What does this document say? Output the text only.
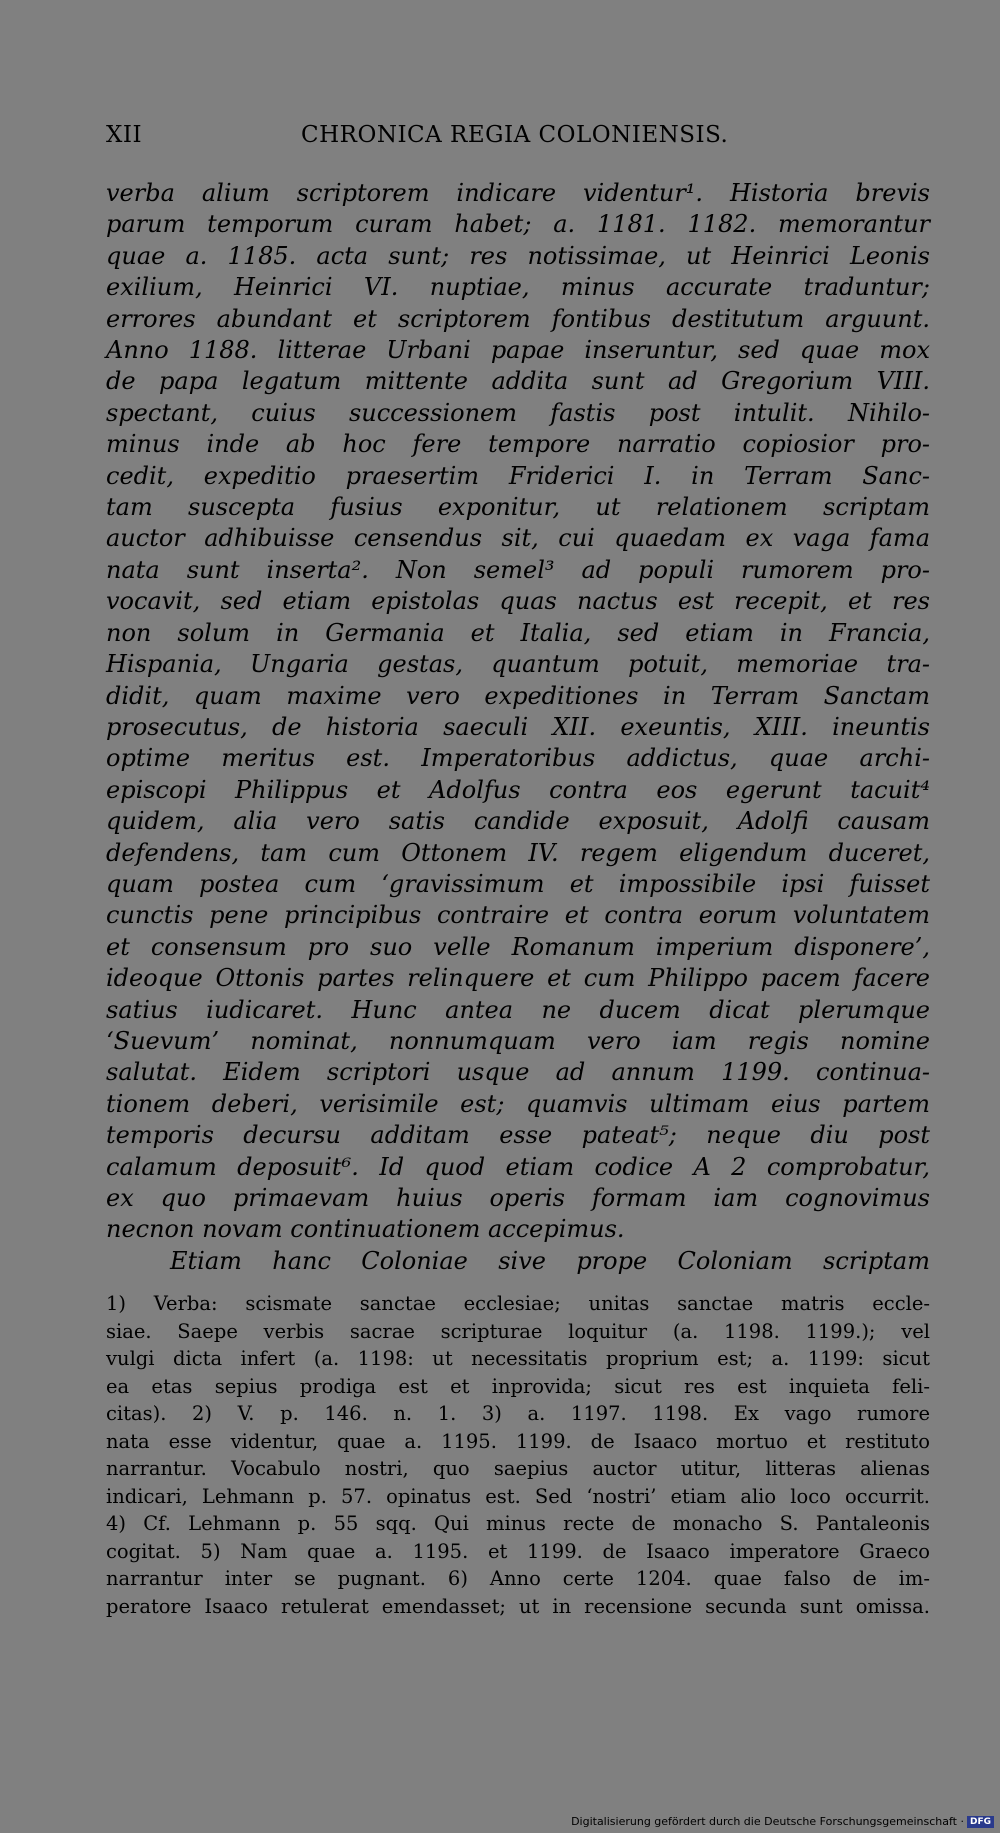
XII	CHRONICA REGIA COLONIENSIS.
verba alium scriptorem indicare videntur¹. Historia brevis
parum temporum curam habet; a. 1181. 1182. memorantur
quae a. 1185. acta sunt; res notissimae, ut Heinrici Leonis
exilium, Heinrici VI. nuptiae, minus accurate traduntur;
errores abundant et scriptorem fontibus destitutum arguunt.
Anno 1188. litterae Urbani papae inseruntur, sed quae mox
de papa legatum mittente addita sunt ad Gregorium VIII.
spectant, cuius successionem fastis post intulit. Nihilo-
minus inde ab hoc fere tempore narratio copiosior pro-
cedit, expeditio praesertim Friderici I. in Terram Sanc-
tam suscepta fusius exponitur, ut relationem scriptam
auctor adhibuisse censendus sit, cui quaedam ex vaga fama
nata sunt inserta². Non semel³ ad populi rumorem pro-
vocavit, sed etiam epistolas quas nactus est recepit, et res
non solum in Germania et Italia, sed etiam in Francia,
Hispania, Ungaria gestas, quantum potuit, memoriae tra-
didit, quam maxime vero expeditiones in Terram Sanctam
prosecutus, de historia saeculi XII. exeuntis, XIII. ineuntis
optime meritus est. Imperatoribus addictus, quae archi-
episcopi Philippus et Adolfus contra eos egerunt tacuit⁴
quidem, alia vero satis candide exposuit, Adolfi causam
defendens, tam cum Ottonem IV. regem eligendum duceret,
quam postea cum ‘gravissimum et impossibile ipsi fuisset
cunctis pene principibus contraire et contra eorum voluntatem
et consensum pro suo velle Romanum imperium disponere’,
ideoque Ottonis partes relinquere et cum Philippo pacem facere
satius iudicaret. Hunc antea ne ducem dicat plerumque
‘Suevum’ nominat, nonnumquam vero iam regis nomine
salutat. Eidem scriptori usque ad annum 1199. continua-
tionem deberi, verisimile est; quamvis ultimam eius partem
temporis decursu additam esse pateat⁵; neque diu post
calamum deposuit⁶. Id quod etiam codice A 2 comprobatur,
ex quo primaevam huius operis formam iam cognovimus
necnon novam continuationem accepimus.
Etiam hanc Coloniae sive prope Coloniam scriptam
1) Verba: scismate sanctae ecclesiae; unitas sanctae matris eccle-
siae. Saepe verbis sacrae scripturae loquitur (a. 1198. 1199.); vel
vulgi dicta infert (a. 1198: ut necessitatis proprium est; a. 1199: sicut
ea etas sepius prodiga est et inprovida; sicut res est inquieta feli-
citas). 2) V. p. 146. n. 1. 3) a. 1197. 1198. Ex vago rumore
nata esse videntur, quae a. 1195. 1199. de Isaaco mortuo et restituto
narrantur. Vocabulo nostri, quo saepius auctor utitur, litteras alienas
indicari, Lehmann p. 57. opinatus est. Sed ‘nostri’ etiam alio loco occurrit.
4) Cf. Lehmann p. 55 sqq. Qui minus recte de monacho S. Pantaleonis
cogitat. 5) Nam quae a. 1195. et 1199. de Isaaco imperatore Graeco
narrantur inter se pugnant. 6) Anno certe 1204. quae falso de im-
peratore Isaaco retulerat emendasset; ut in recensione secunda sunt omissa.
Digitalisierung gefördert durch die Deutsche Forschungsgemeinschaft · DFG
